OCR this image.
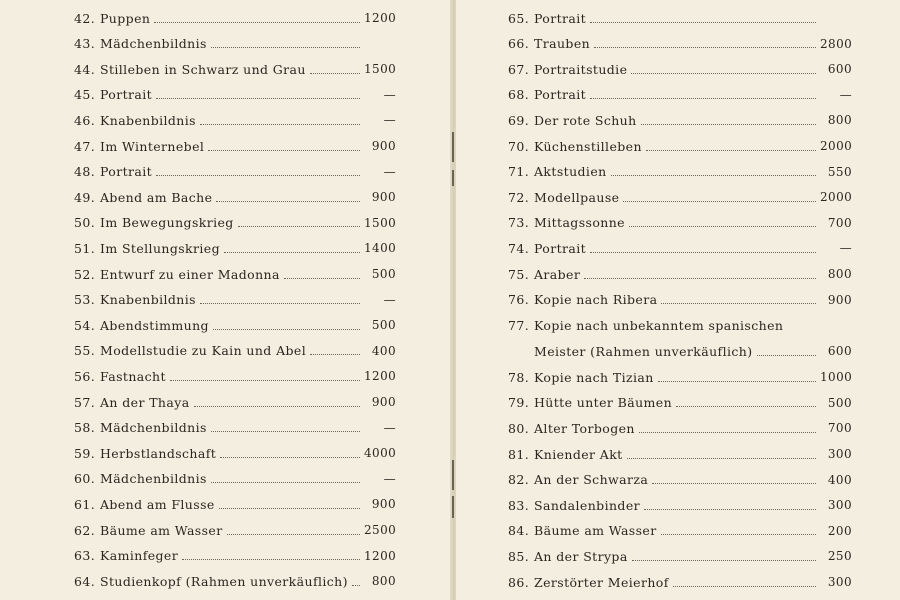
42. Puppen	1200
43. Mädchenbildnis
44. Stilleben in Schwarz und Grau	1500
45. Portrait	—
46. Knabenbildnis	—
47. Im Winternebel	900
48. Portrait	—
49. Abend am Bache	900
50. Im Bewegungskrieg	1500
51. Im Stellungskrieg	1400
52. Entwurf zu einer Madonna	500
53. Knabenbildnis	—
54. Abendstimmung	500
55. Modellstudie zu Kain und Abel	400
56. Fastnacht	1200
57. An der Thaya	900
58. Mädchenbildnis	—
59. Herbstlandschaft	4000
60. Mädchenbildnis	—
61. Abend am Flusse	900
62. Bäume am Wasser	2500
63. Kaminfeger	1200
64. Studienkopf (Rahmen unverkäuflich)	800
65. Portrait
66. Trauben	2800
67. Portraitstudie	600
68. Portrait	—
69. Der rote Schuh	800
70. Küchenstilleben	2000
71. Aktstudien	550
72. Modellpause	2000
73. Mittagssonne	700
74. Portrait	—
75. Araber	800
76. Kopie nach Ribera	900
77. Kopie nach unbekanntem spanischen
Meister (Rahmen unverkäuflich)	600
78. Kopie nach Tizian	1000
79. Hütte unter Bäumen	500
80. Alter Torbogen	700
81. Kniender Akt	300
82. An der Schwarza	400
83. Sandalenbinder	300
84. Bäume am Wasser	200
85. An der Strypa	250
86. Zerstörter Meierhof	300
